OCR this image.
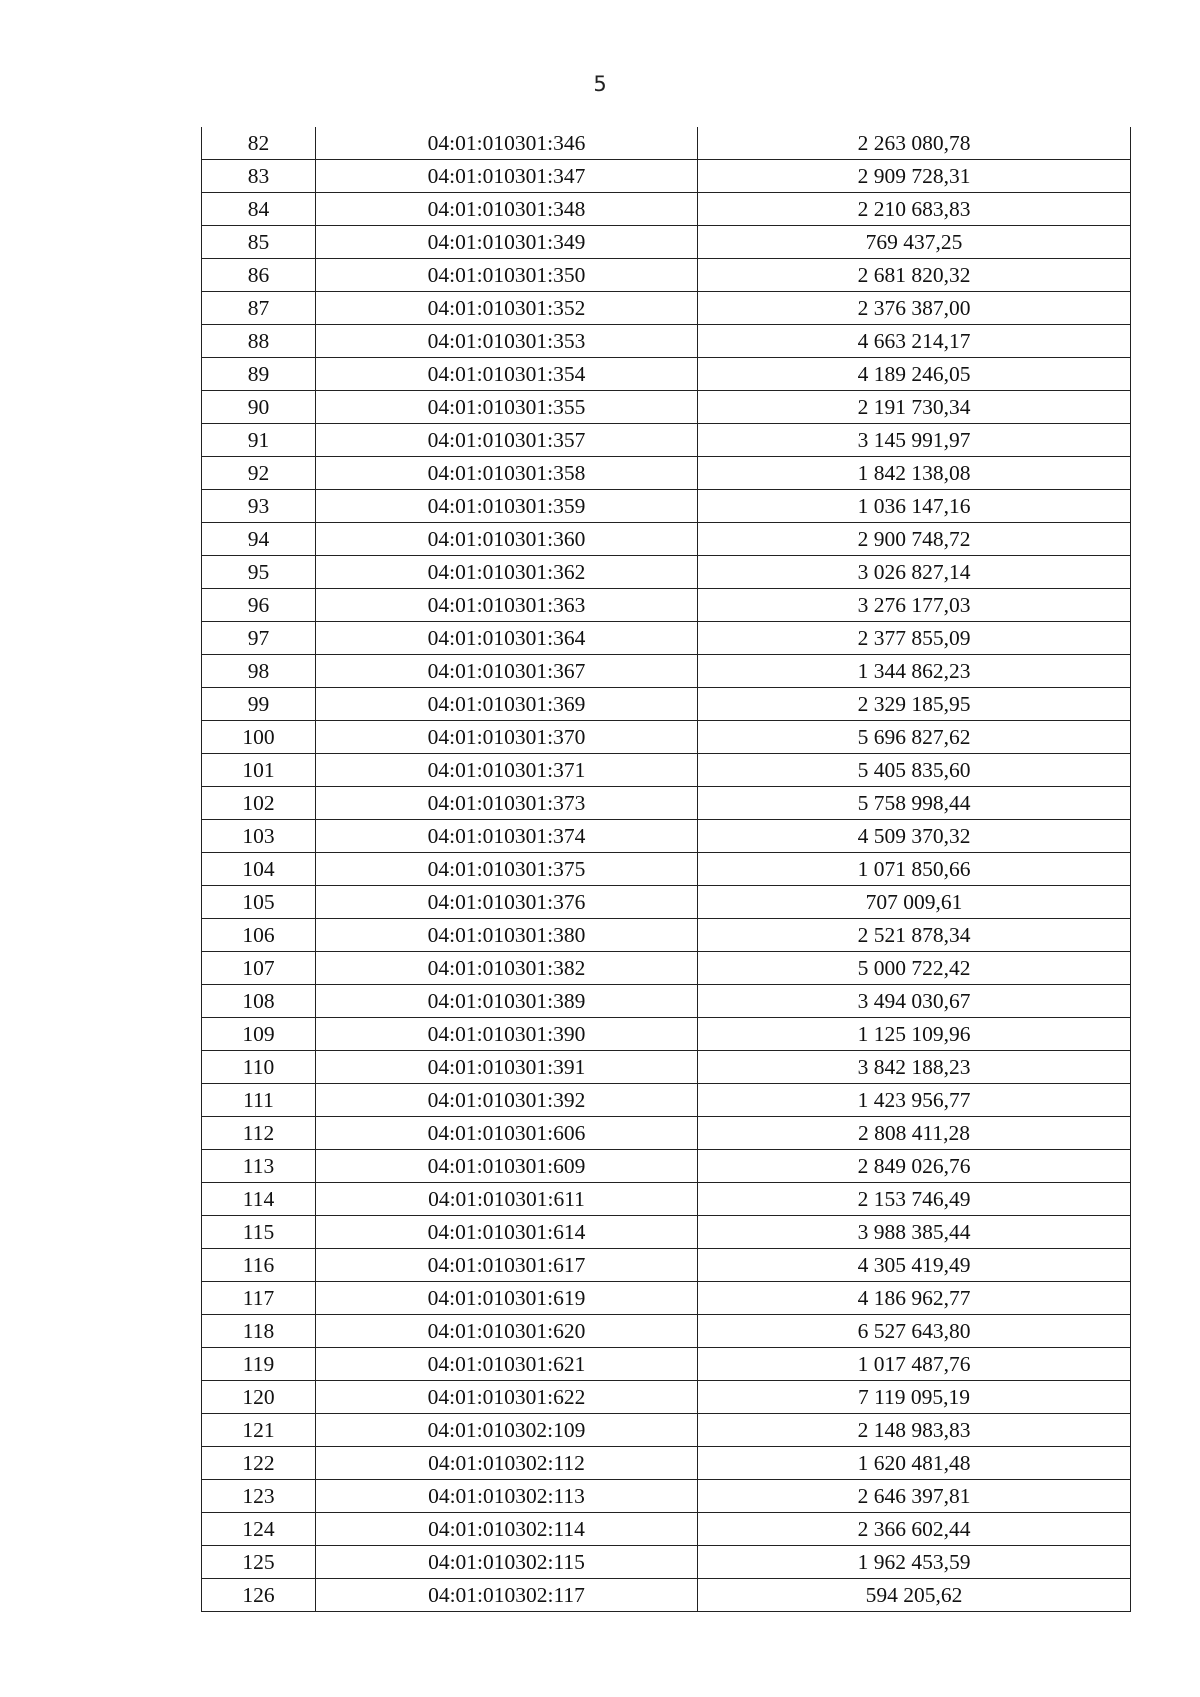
5
82	04:01:010301:346	2 263 080,78
83	04:01:010301:347	2 909 728,31
84	04:01:010301:348	2 210 683,83
85	04:01:010301:349	769 437,25
86	04:01:010301:350	2 681 820,32
87	04:01:010301:352	2 376 387,00
88	04:01:010301:353	4 663 214,17
89	04:01:010301:354	4 189 246,05
90	04:01:010301:355	2 191 730,34
91	04:01:010301:357	3 145 991,97
92	04:01:010301:358	1 842 138,08
93	04:01:010301:359	1 036 147,16
94	04:01:010301:360	2 900 748,72
95	04:01:010301:362	3 026 827,14
96	04:01:010301:363	3 276 177,03
97	04:01:010301:364	2 377 855,09
98	04:01:010301:367	1 344 862,23
99	04:01:010301:369	2 329 185,95
100	04:01:010301:370	5 696 827,62
101	04:01:010301:371	5 405 835,60
102	04:01:010301:373	5 758 998,44
103	04:01:010301:374	4 509 370,32
104	04:01:010301:375	1 071 850,66
105	04:01:010301:376	707 009,61
106	04:01:010301:380	2 521 878,34
107	04:01:010301:382	5 000 722,42
108	04:01:010301:389	3 494 030,67
109	04:01:010301:390	1 125 109,96
110	04:01:010301:391	3 842 188,23
111	04:01:010301:392	1 423 956,77
112	04:01:010301:606	2 808 411,28
113	04:01:010301:609	2 849 026,76
114	04:01:010301:611	2 153 746,49
115	04:01:010301:614	3 988 385,44
116	04:01:010301:617	4 305 419,49
117	04:01:010301:619	4 186 962,77
118	04:01:010301:620	6 527 643,80
119	04:01:010301:621	1 017 487,76
120	04:01:010301:622	7 119 095,19
121	04:01:010302:109	2 148 983,83
122	04:01:010302:112	1 620 481,48
123	04:01:010302:113	2 646 397,81
124	04:01:010302:114	2 366 602,44
125	04:01:010302:115	1 962 453,59
126	04:01:010302:117	594 205,62
